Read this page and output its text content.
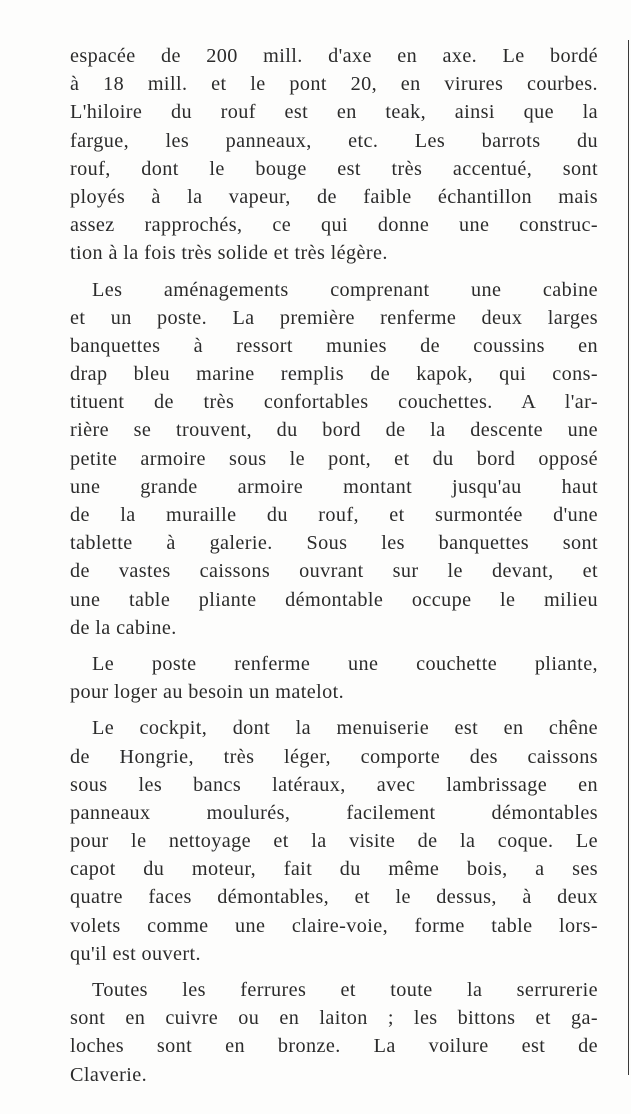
espacée de 200 mill. d'axe en axe. Le bordé
à 18 mill. et le pont 20, en virures courbes.
L'hiloire du rouf est en teak, ainsi que la
fargue, les panneaux, etc. Les barrots du
rouf, dont le bouge est très accentué, sont
ployés à la vapeur, de faible échantillon mais
assez rapprochés, ce qui donne une construc-
tion à la fois très solide et très légère.
Les aménagements comprenant une cabine
et un poste. La première renferme deux larges
banquettes à ressort munies de coussins en
drap bleu marine remplis de kapok, qui cons-
tituent de très confortables couchettes. A l'ar-
rière se trouvent, du bord de la descente une
petite armoire sous le pont, et du bord opposé
une grande armoire montant jusqu'au haut
de la muraille du rouf, et surmontée d'une
tablette à galerie. Sous les banquettes sont
de vastes caissons ouvrant sur le devant, et
une table pliante démontable occupe le milieu
de la cabine.
Le poste renferme une couchette pliante,
pour loger au besoin un matelot.
Le cockpit, dont la menuiserie est en chêne
de Hongrie, très léger, comporte des caissons
sous les bancs latéraux, avec lambrissage en
panneaux moulurés, facilement démontables
pour le nettoyage et la visite de la coque. Le
capot du moteur, fait du même bois, a ses
quatre faces démontables, et le dessus, à deux
volets comme une claire-voie, forme table lors-
qu'il est ouvert.
Toutes les ferrures et toute la serrurerie
sont en cuivre ou en laiton ; les bittons et ga-
loches sont en bronze. La voilure est de
Claverie.
